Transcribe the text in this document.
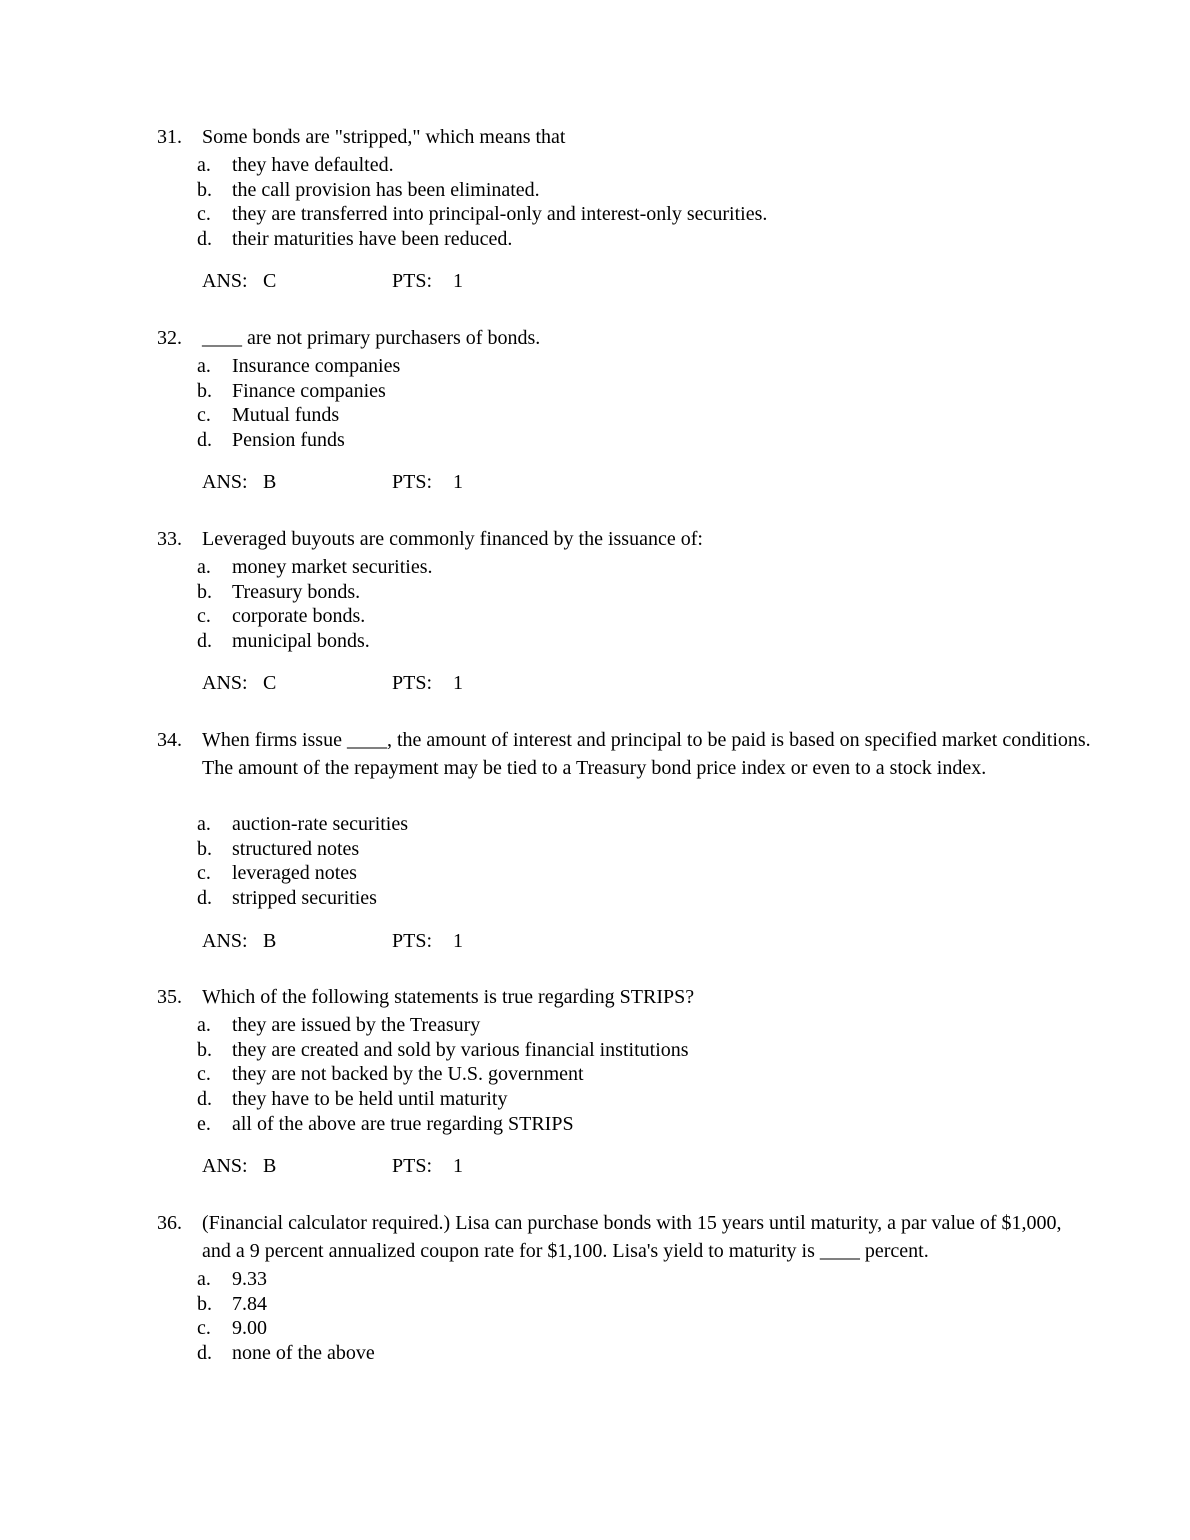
31. Some bonds are "stripped," which means that
a. they have defaulted.
b. the call provision has been eliminated.
c. they are transferred into principal-only and interest-only securities.
d. their maturities have been reduced.
ANS: C	PTS: 1
32. ____ are not primary purchasers of bonds.
a. Insurance companies
b. Finance companies
c. Mutual funds
d. Pension funds
ANS: B	PTS: 1
33. Leveraged buyouts are commonly financed by the issuance of:
a. money market securities.
b. Treasury bonds.
c. corporate bonds.
d. municipal bonds.
ANS: C	PTS: 1
34. When firms issue ____, the amount of interest and principal to be paid is based on specified market conditions. The amount of the repayment may be tied to a Treasury bond price index or even to a stock index.
a. auction-rate securities
b. structured notes
c. leveraged notes
d. stripped securities
ANS: B	PTS: 1
35. Which of the following statements is true regarding STRIPS?
a. they are issued by the Treasury
b. they are created and sold by various financial institutions
c. they are not backed by the U.S. government
d. they have to be held until maturity
e. all of the above are true regarding STRIPS
ANS: B	PTS: 1
36. (Financial calculator required.) Lisa can purchase bonds with 15 years until maturity, a par value of $1,000, and a 9 percent annualized coupon rate for $1,100. Lisa's yield to maturity is ____ percent.
a. 9.33
b. 7.84
c. 9.00
d. none of the above
